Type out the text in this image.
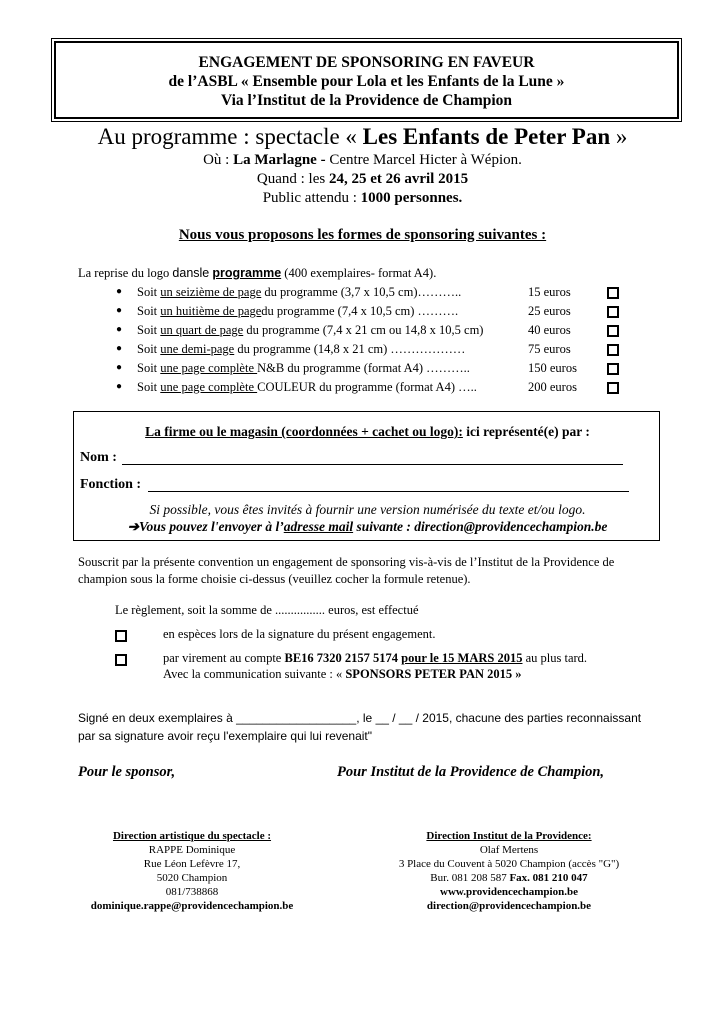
ENGAGEMENT DE SPONSORING EN FAVEUR
de l’ASBL « Ensemble pour Lola et les Enfants de la Lune »
Via l’Institut de la Providence de Champion
Au programme : spectacle « Les Enfants de Peter Pan »
Où : La Marlagne - Centre Marcel Hicter à Wépion.
Quand : les 24, 25 et 26 avril 2015
Public attendu : 1000 personnes.
Nous vous proposons les formes de sponsoring suivantes :
La reprise du logo dansle programme (400 exemplaires- format A4).
● Soit un seizième de page du programme (3,7 x 10,5 cm)………..	15 euros
● Soit un huitième de pagedu programme (7,4 x 10,5 cm) ……….	25 euros
● Soit un quart de page du programme (7,4 x 21 cm ou 14,8 x 10,5 cm)	40 euros
● Soit une demi-page du programme (14,8 x 21 cm) ………………	75 euros
● Soit une page complète N&B du programme (format A4) ………..	150 euros
● Soit une page complète COULEUR du programme (format A4) …..	200 euros
La firme ou le magasin (coordonnées + cachet ou logo): ici représenté(e) par :
Nom :
Fonction :
Si possible, vous êtes invités à fournir une version numérisée du texte et/ou logo.
➔Vous pouvez l'envoyer à l’adresse mail suivante : direction@providencechampion.be
Souscrit par la présente convention un engagement de sponsoring vis-à-vis de l’Institut de la Providence de champion sous la forme choisie ci-dessus (veuillez cocher la formule retenue).
Le règlement, soit la somme de ................ euros, est effectué
en espèces lors de la signature du présent engagement.
par virement au compte BE16 7320 2157 5174 pour le 15 MARS 2015 au plus tard.
Avec la communication suivante : « SPONSORS PETER PAN 2015 »
Signé en deux exemplaires à __________________, le __ / __ / 2015, chacune des parties reconnaissant
par sa signature avoir reçu l'exemplaire qui lui revenait"
Pour le sponsor,	Pour Institut de la Providence de Champion,
Direction artistique du spectacle :
RAPPE Dominique
Rue Léon Lefèvre 17,
5020 Champion
081/738868
dominique.rappe@providencechampion.be
Direction Institut de la Providence:
Olaf Mertens
3 Place du Couvent à 5020 Champion (accès "G")
Bur. 081 208 587 Fax. 081 210 047
www.providencechampion.be
direction@providencechampion.be
